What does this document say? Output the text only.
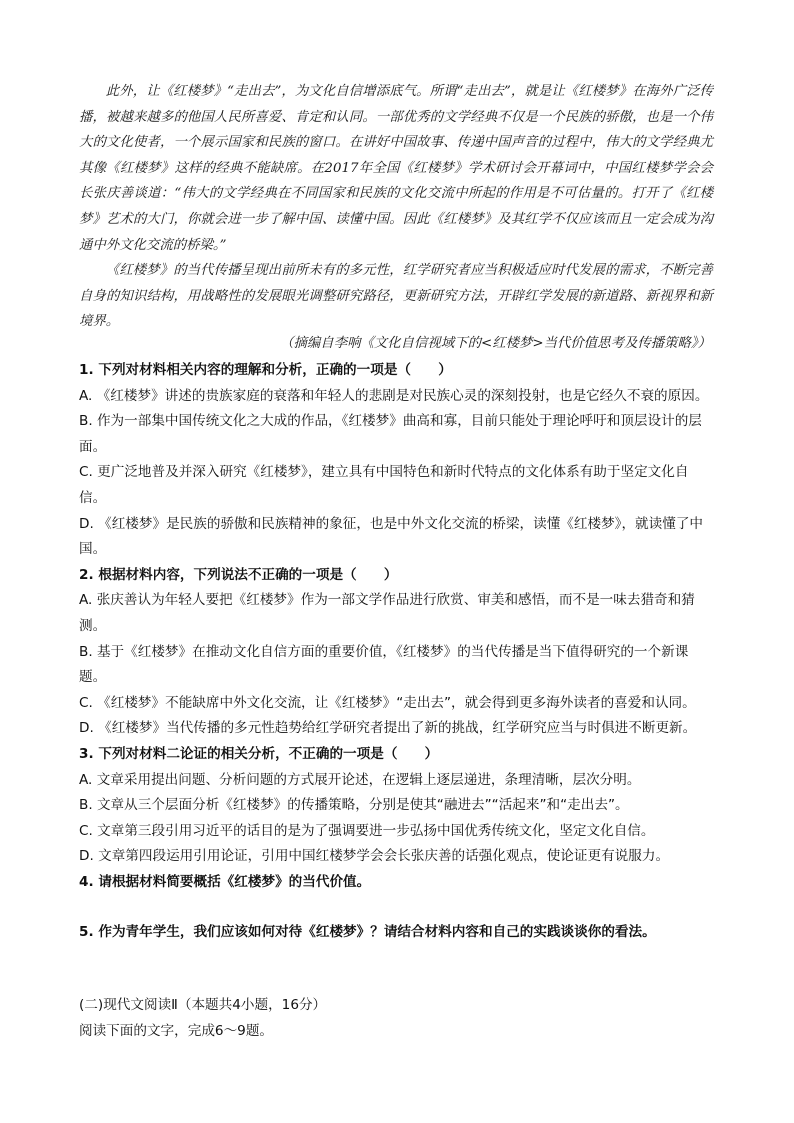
此外，让《红楼梦》“走出去”，为文化自信增添底气。所谓“走出去”，就是让《红楼梦》在海外广泛传播，被越来越多的他国人民所喜爱、肯定和认同。一部优秀的文学经典不仅是一个民族的骄傲，也是一个伟大的文化使者，一个展示国家和民族的窗口。在讲好中国故事、传递中国声音的过程中，伟大的文学经典尤其像《红楼梦》这样的经典不能缺席。在2017年全国《红楼梦》学术研讨会开幕词中，中国红楼梦学会会长张庆善谈道：“伟大的文学经典在不同国家和民族的文化交流中所起的作用是不可估量的。打开了《红楼梦》艺术的大门，你就会进一步了解中国、读懂中国。因此《红楼梦》及其红学不仅应该而且一定会成为沟通中外文化交流的桥梁。”

《红楼梦》的当代传播呈现出前所未有的多元性，红学研究者应当积极适应时代发展的需求，不断完善自身的知识结构，用战略性的发展眼光调整研究路径，更新研究方法，开辟红学发展的新道路、新视界和新境界。

（摘编自李响《文化自信视域下的<红楼梦>当代价值思考及传播策略》）
1. 下列对材料相关内容的理解和分析，正确的一项是（　　）
A. 《红楼梦》讲述的贵族家庭的衰落和年轻人的悲剧是对民族心灵的深刻投射，也是它经久不衰的原因。
B. 作为一部集中国传统文化之大成的作品，《红楼梦》曲高和寡，目前只能处于理论呼吁和顶层设计的层面。
C. 更广泛地普及并深入研究《红楼梦》，建立具有中国特色和新时代特点的文化体系有助于坚定文化自信。
D. 《红楼梦》是民族的骄傲和民族精神的象征，也是中外文化交流的桥梁，读懂《红楼梦》，就读懂了中国。
2. 根据材料内容，下列说法不正确的一项是（　　）
A. 张庆善认为年轻人要把《红楼梦》作为一部文学作品进行欣赏、审美和感悟，而不是一味去猎奇和猜测。
B. 基于《红楼梦》在推动文化自信方面的重要价值，《红楼梦》的当代传播是当下值得研究的一个新课题。
C. 《红楼梦》不能缺席中外文化交流，让《红楼梦》“走出去”，就会得到更多海外读者的喜爱和认同。
D. 《红楼梦》当代传播的多元性趋势给红学研究者提出了新的挑战，红学研究应当与时俱进不断更新。
3. 下列对材料二论证的相关分析，不正确的一项是（　　）
A. 文章采用提出问题、分析问题的方式展开论述，在逻辑上逐层递进，条理清晰，层次分明。
B. 文章从三个层面分析《红楼梦》的传播策略，分别是使其“融进去”“活起来”和“走出去”。
C. 文章第三段引用习近平的话目的是为了强调要进一步弘扬中国优秀传统文化，坚定文化自信。
D. 文章第四段运用引用论证，引用中国红楼梦学会会长张庆善的话强化观点，使论证更有说服力。
4. 请根据材料简要概括《红楼梦》的当代价值。
5. 作为青年学生，我们应该如何对待《红楼梦》？请结合材料内容和自己的实践谈谈你的看法。
(二)现代文阅读Ⅱ（本题共4小题，16分）
阅读下面的文字，完成6～9题。
